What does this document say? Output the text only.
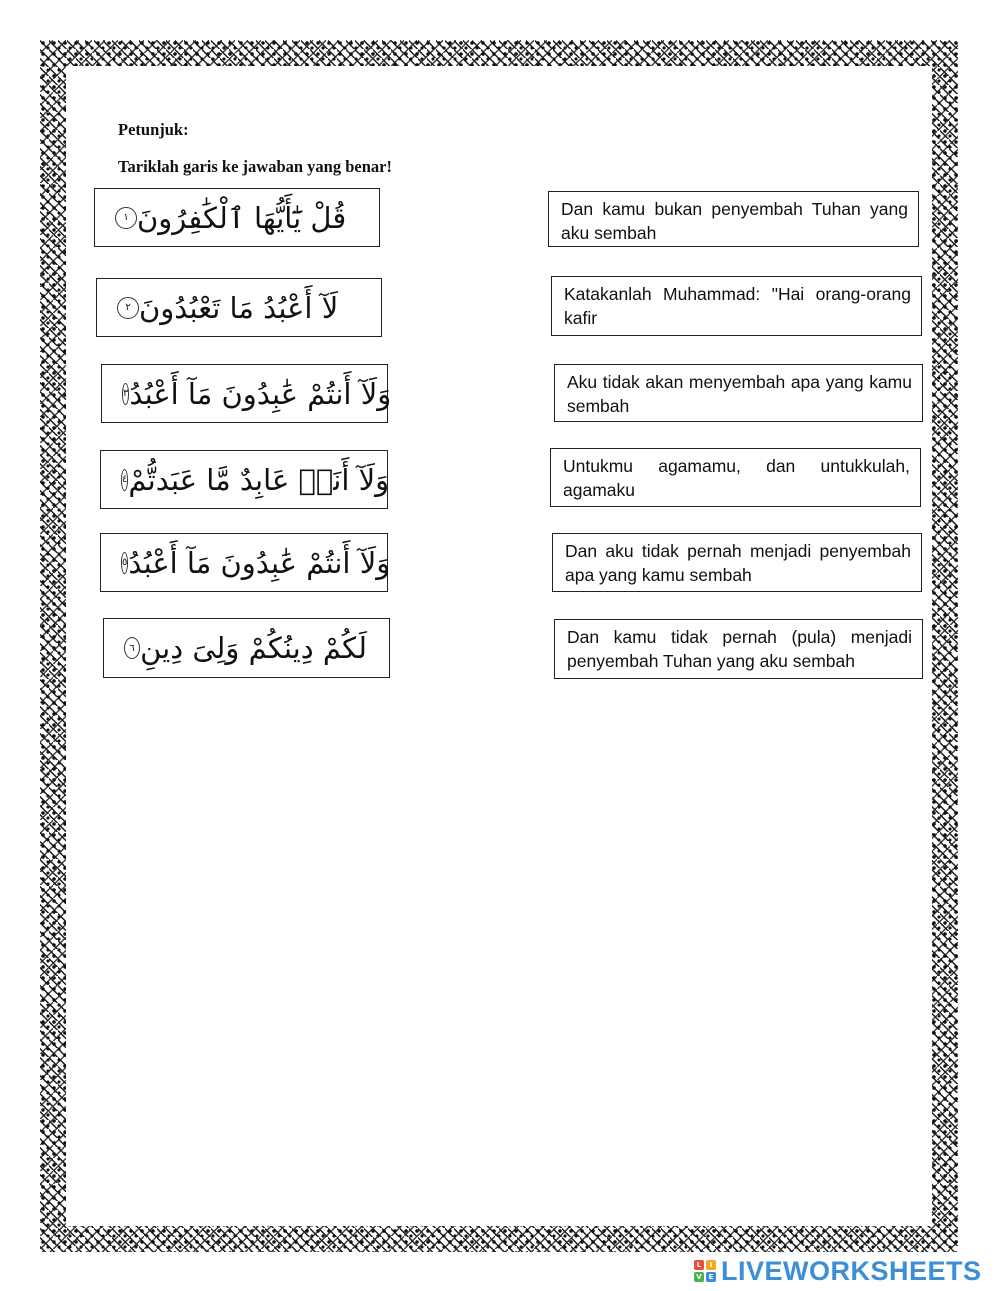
Petunjuk:

Tariklah garis ke jawaban yang benar!

قُلْ يَٰٓأَيُّهَا ٱلْكَٰفِرُونَ
١
لَآ أَعْبُدُ مَا تَعْبُدُونَ
٢
وَلَآ أَنتُمْ عَٰبِدُونَ مَآ أَعْبُدُ
٣
وَلَآ أَنَا۠ عَابِدٌ مَّا عَبَدتُّمْ
٤
وَلَآ أَنتُمْ عَٰبِدُونَ مَآ أَعْبُدُ
٥
لَكُمْ دِينُكُمْ وَلِىَ دِينِ
٦
Dan kamu bukan penyembah Tuhan yang aku sembah
Katakanlah Muhammad: "Hai orang-orang kafir
Aku tidak akan menyembah apa yang kamu sembah
Untukmu agamamu, dan untukkulah, agamaku
Dan aku tidak pernah menjadi penyembah apa yang kamu sembah
Dan kamu tidak pernah (pula) menjadi penyembah Tuhan yang aku sembah
L	I
V E LIVEWORKSHEETS
